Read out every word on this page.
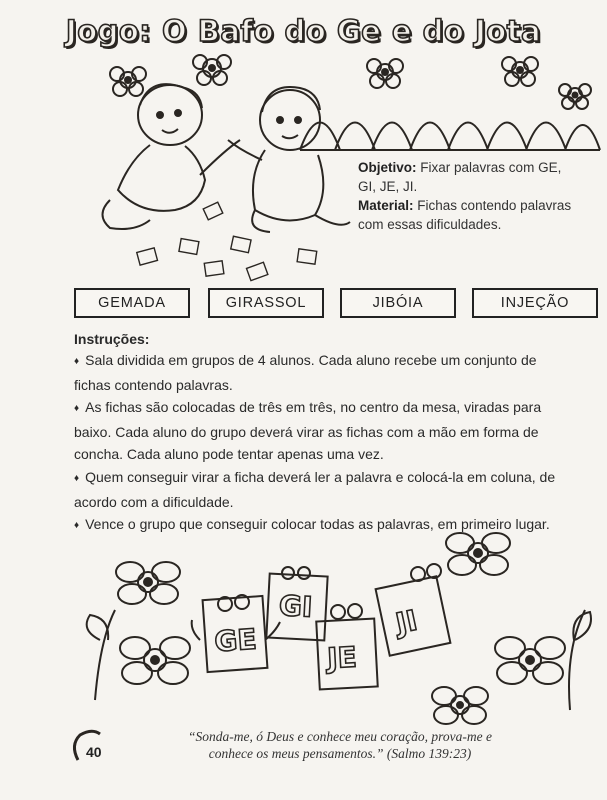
Jogo: O Bafo do Ge e do Jota
GE
GI
JE
JI
Objetivo: Fixar palavras com GE,
GI, JE, JI.
Material: Fichas contendo palavras
com essas dificuldades.
GEMADA	GIRASSOL	JIBÓIA	INJEÇÃO
Instruções:

♦ Sala dividida em grupos de 4 alunos. Cada aluno recebe um conjunto de

fichas contendo palavras.

♦ As fichas são colocadas de três em três, no centro da mesa, viradas para

baixo. Cada aluno do grupo deverá virar as fichas com a mão em forma de

concha. Cada aluno pode tentar apenas uma vez.

♦ Quem conseguir virar a ficha deverá ler a palavra e colocá-la em coluna, de

acordo com a dificuldade.

♦ Vence o grupo que conseguir colocar todas as palavras, em primeiro lugar.

“Sonda-me, ó Deus e conhece meu coração, prova-me e
conhece os meus pensamentos.” (Salmo 139:23)
40
